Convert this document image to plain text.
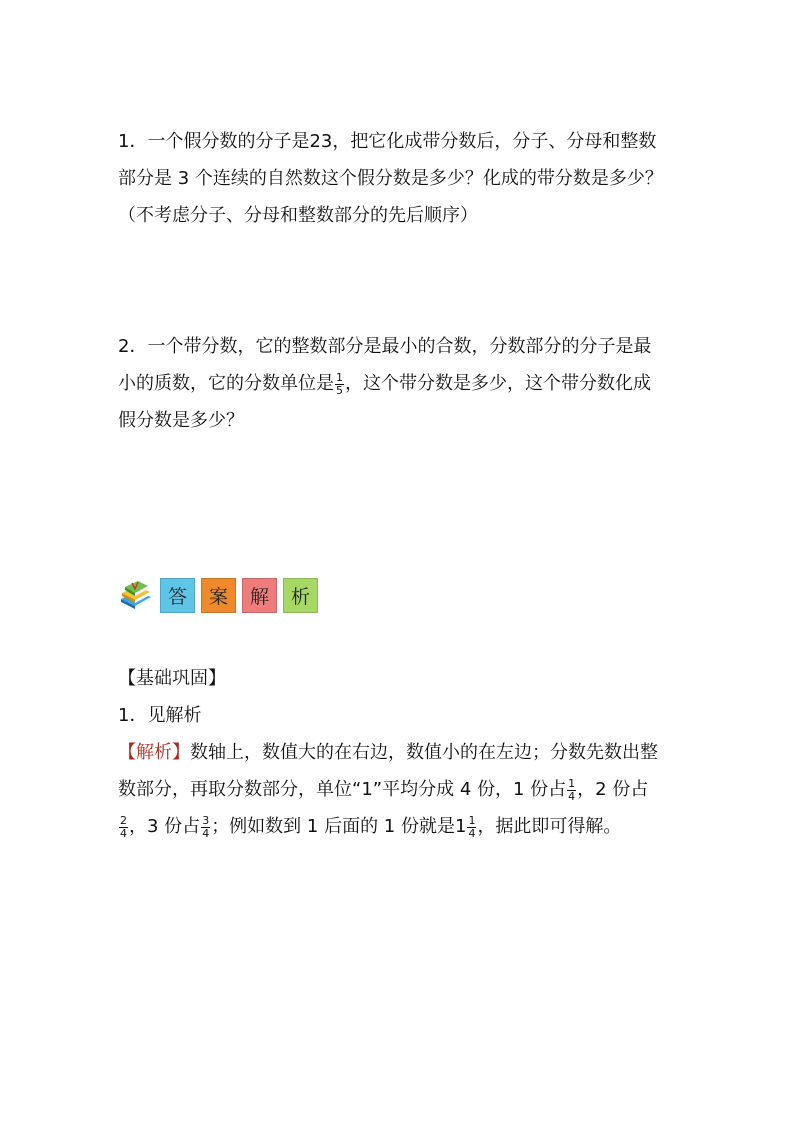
1．一个假分数的分子是23，把它化成带分数后，分子、分母和整数
部分是 3 个连续的自然数这个假分数是多少？化成的带分数是多少？
（不考虑分子、分母和整数部分的先后顺序）
2．一个带分数，它的整数部分是最小的合数，分数部分的分子是最
小的质数，它的分数单位是 $\frac{1}{5}$ ，这个带分数是多少，这个带分数化成
假分数是多少？
答	案	解	析
【基础巩固】
1．见解析
【解析】数轴上，数值大的在右边，数值小的在左边；分数先数出整
数部分，再取分数部分，单位“1”平均分成 4 份，1 份占 $\frac{1}{4}$ ，2 份占
$\frac{2}{4}$ ，3 份占 $\frac{3}{4}$ ；例如数到 1 后面的 1 份就是$1 \frac{1}{4}$ ，据此即可得解。
